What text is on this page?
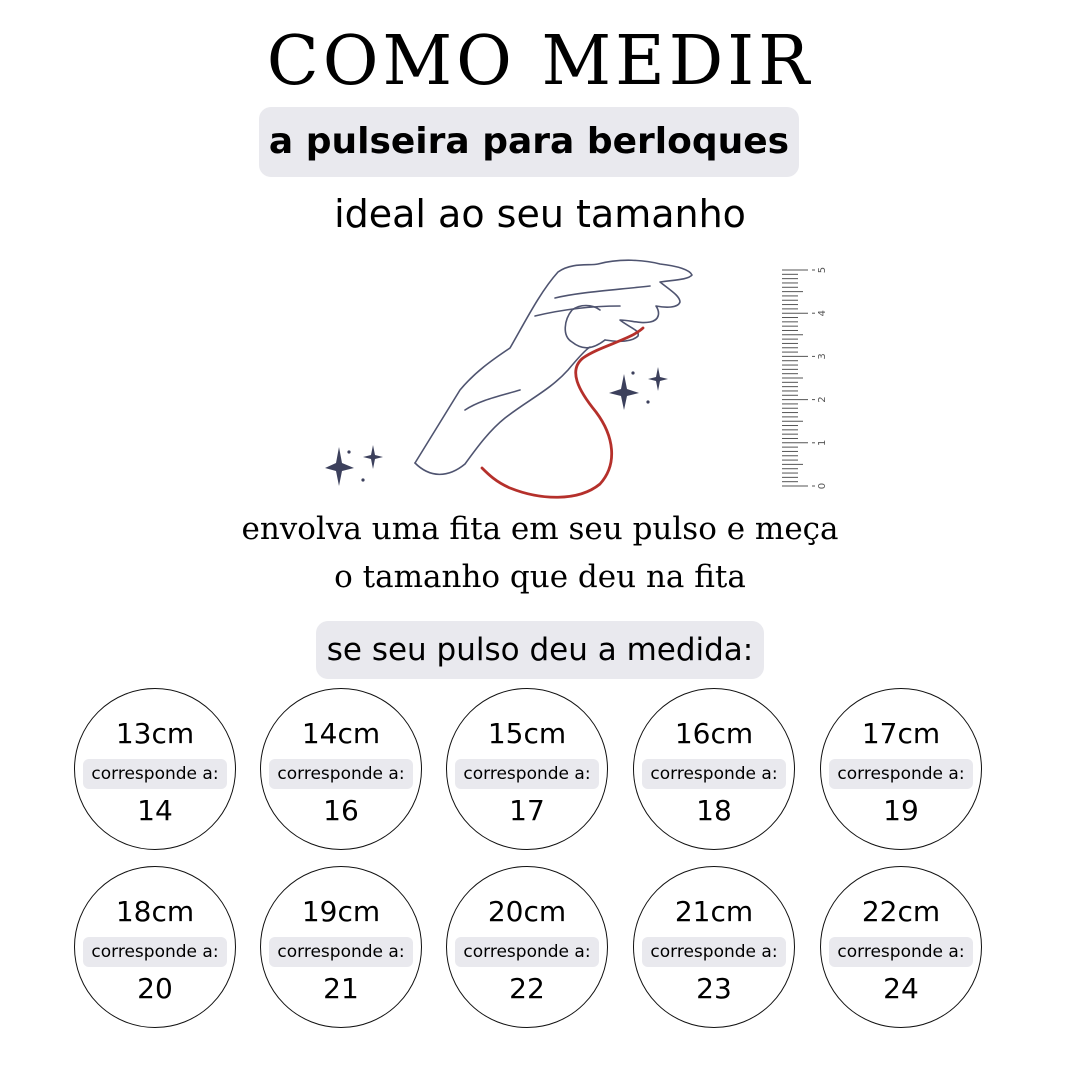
COMO MEDIR
a pulseira para berloques
ideal ao seu tamanho
5
4
3
2
1
0
envolva uma fita em seu pulso e meça
o tamanho que deu na fita
se seu pulso deu a medida:
13cm
corresponde a:
14
14cm
corresponde a:
16
15cm
corresponde a:
17
16cm
corresponde a:
18
17cm
corresponde a:
19
18cm
corresponde a:
20
19cm
corresponde a:
21
20cm
corresponde a:
22
21cm
corresponde a:
23
22cm
corresponde a:
24
